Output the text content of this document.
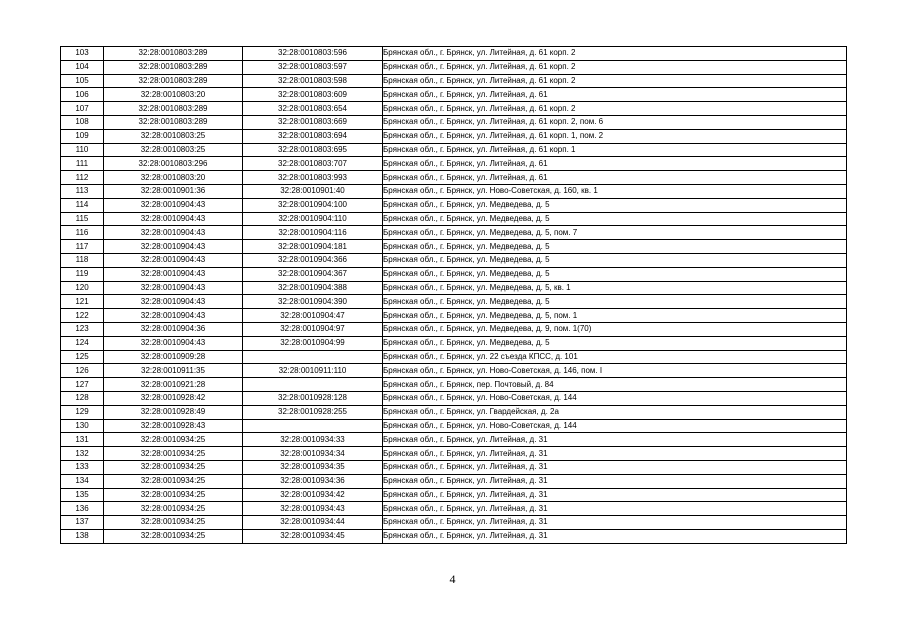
103	32:28:0010803:289	32:28:0010803:596	Брянская обл., г. Брянск, ул. Литейная, д. 61 корп. 2
104	32:28:0010803:289	32:28:0010803:597	Брянская обл., г. Брянск, ул. Литейная, д. 61 корп. 2
105	32:28:0010803:289	32:28:0010803:598	Брянская обл., г. Брянск, ул. Литейная, д. 61 корп. 2
106	32:28:0010803:20	32:28:0010803:609	Брянская обл., г. Брянск, ул. Литейная, д. 61
107	32:28:0010803:289	32:28:0010803:654	Брянская обл., г. Брянск, ул. Литейная, д. 61 корп. 2
108	32:28:0010803:289	32:28:0010803:669	Брянская обл., г. Брянск, ул. Литейная, д. 61 корп. 2, пом. 6
109	32:28:0010803:25	32:28:0010803:694	Брянская обл., г. Брянск, ул. Литейная, д. 61 корп. 1, пом. 2
110	32:28:0010803:25	32:28:0010803:695	Брянская обл., г. Брянск, ул. Литейная, д. 61 корп. 1
111	32:28:0010803:296	32:28:0010803:707	Брянская обл., г. Брянск, ул. Литейная, д. 61
112	32:28:0010803:20	32:28:0010803:993	Брянская обл., г. Брянск, ул. Литейная, д. 61
113	32:28:0010901:36	32:28:0010901:40	Брянская обл., г. Брянск, ул. Ново-Советская, д. 160, кв. 1
114	32:28:0010904:43	32:28:0010904:100	Брянская обл., г. Брянск, ул. Медведева, д. 5
115	32:28:0010904:43	32:28:0010904:110	Брянская обл., г. Брянск, ул. Медведева, д. 5
116	32:28:0010904:43	32:28:0010904:116	Брянская обл., г. Брянск, ул. Медведева, д. 5, пом. 7
117	32:28:0010904:43	32:28:0010904:181	Брянская обл., г. Брянск, ул. Медведева, д. 5
118	32:28:0010904:43	32:28:0010904:366	Брянская обл., г. Брянск, ул. Медведева, д. 5
119	32:28:0010904:43	32:28:0010904:367	Брянская обл., г. Брянск, ул. Медведева, д. 5
120	32:28:0010904:43	32:28:0010904:388	Брянская обл., г. Брянск, ул. Медведева, д. 5, кв. 1
121	32:28:0010904:43	32:28:0010904:390	Брянская обл., г. Брянск, ул. Медведева, д. 5
122	32:28:0010904:43	32:28:0010904:47	Брянская обл., г. Брянск, ул. Медведева, д. 5, пом. 1
123	32:28:0010904:36	32:28:0010904:97	Брянская обл., г. Брянск, ул. Медведева, д. 9, пом. 1(70)
124	32:28:0010904:43	32:28:0010904:99	Брянская обл., г. Брянск, ул. Медведева, д. 5
125	32:28:0010909:28		Брянская обл., г. Брянск, ул. 22 съезда КПСС, д. 101
126	32:28:0010911:35	32:28:0010911:110	Брянская обл., г. Брянск, ул. Ново-Советская, д. 146, пом. I
127	32:28:0010921:28		Брянская обл., г. Брянск, пер. Почтовый, д. 84
128	32:28:0010928:42	32:28:0010928:128	Брянская обл., г. Брянск, ул. Ново-Советская, д. 144
129	32:28:0010928:49	32:28:0010928:255	Брянская обл., г. Брянск, ул. Гвардейская, д. 2а
130	32:28:0010928:43		Брянская обл., г. Брянск, ул. Ново-Советская, д. 144
131	32:28:0010934:25	32:28:0010934:33	Брянская обл., г. Брянск, ул. Литейная, д. 31
132	32:28:0010934:25	32:28:0010934:34	Брянская обл., г. Брянск, ул. Литейная, д. 31
133	32:28:0010934:25	32:28:0010934:35	Брянская обл., г. Брянск, ул. Литейная, д. 31
134	32:28:0010934:25	32:28:0010934:36	Брянская обл., г. Брянск, ул. Литейная, д. 31
135	32:28:0010934:25	32:28:0010934:42	Брянская обл., г. Брянск, ул. Литейная, д. 31
136	32:28:0010934:25	32:28:0010934:43	Брянская обл., г. Брянск, ул. Литейная, д. 31
137	32:28:0010934:25	32:28:0010934:44	Брянская обл., г. Брянск, ул. Литейная, д. 31
138	32:28:0010934:25	32:28:0010934:45	Брянская обл., г. Брянск, ул. Литейная, д. 31
4
